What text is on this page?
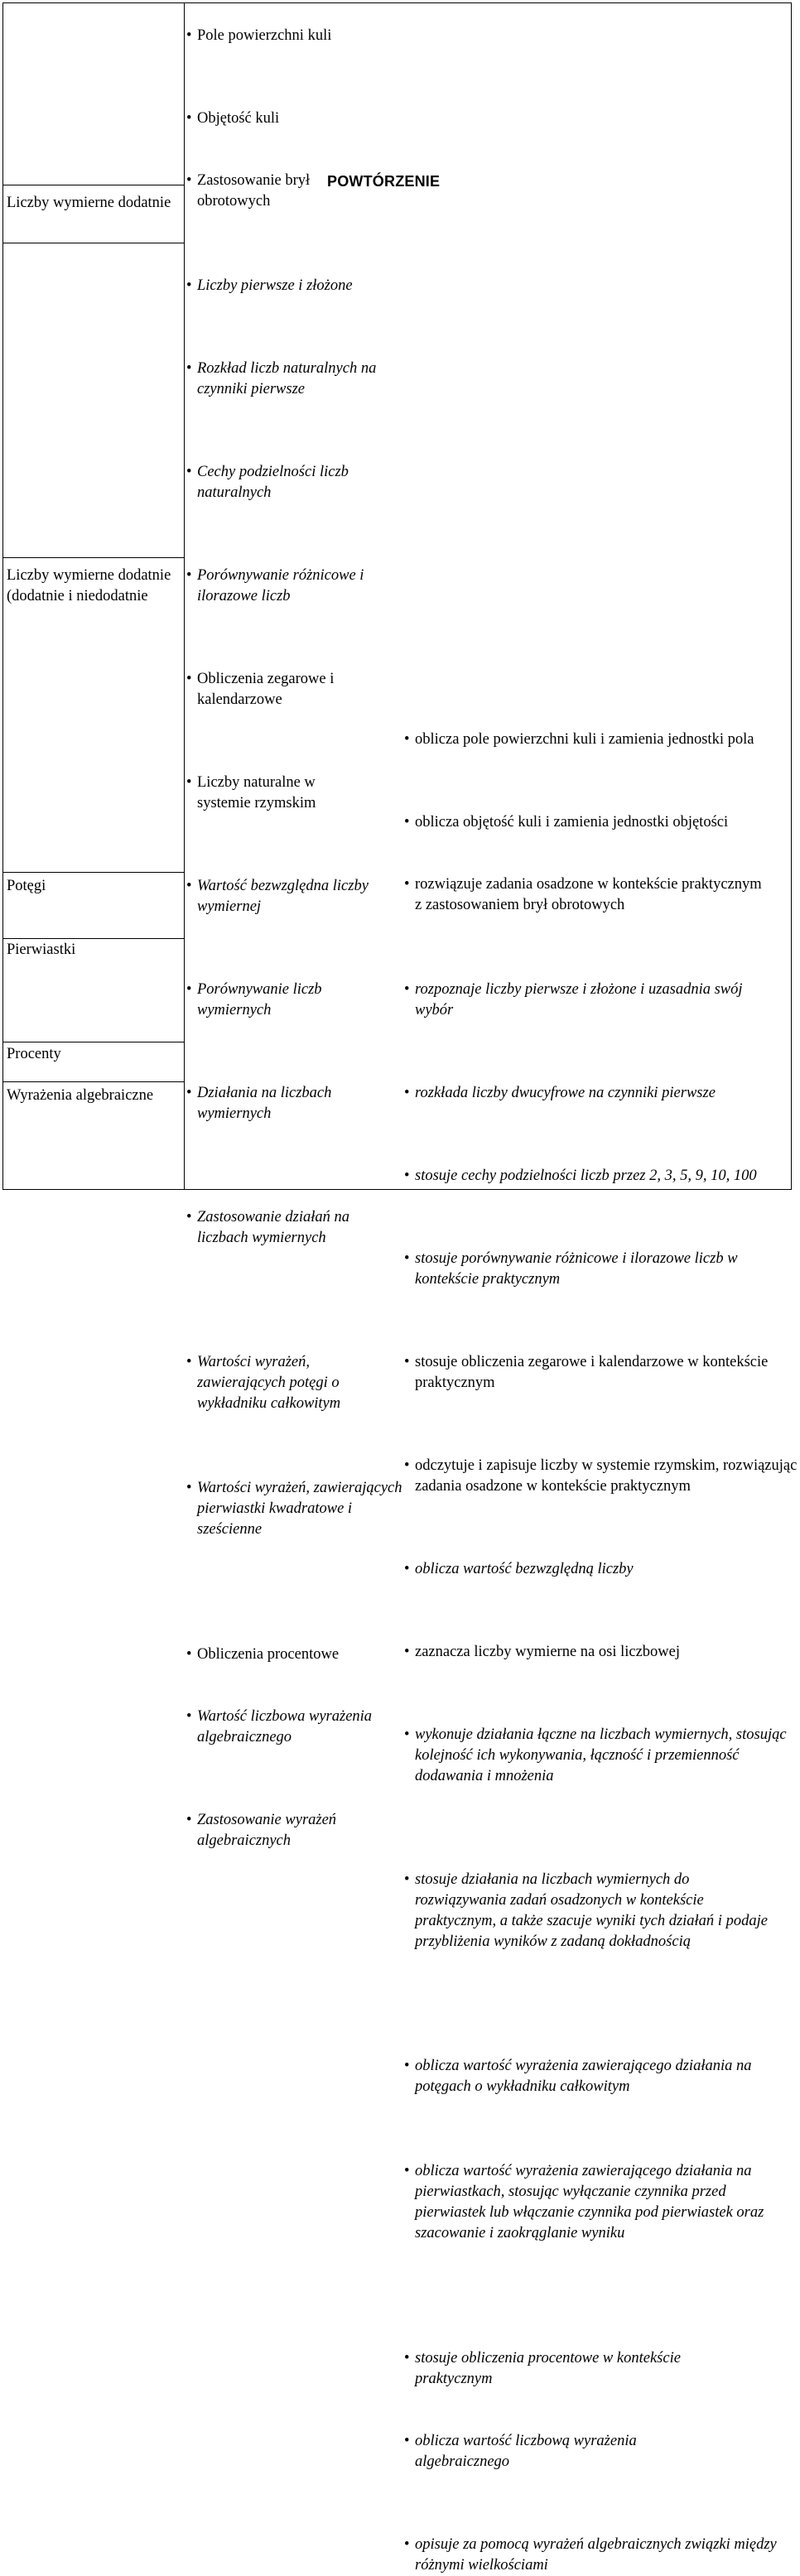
POWTÓRZENIE
Liczby wymierne dodatnie
Liczby wymierne dodatnie (dodatnie i niedodatnie
Potęgi
Pierwiastki
Procenty
Wyrażenia algebraiczne
• Pole powierzchni kuli
• Objętość kuli
• Zastosowanie brył obrotowych
• Liczby pierwsze i złożone
• Rozkład liczb naturalnych na czynniki pierwsze
• Cechy podzielności liczb naturalnych
• Porównywanie różnicowe i ilorazowe liczb
• Obliczenia zegarowe i kalendarzowe
• Liczby naturalne w systemie rzymskim
• Wartość bezwzględna liczby wymiernej
• Porównywanie liczb wymiernych
• Działania na liczbach wymiernych
• Zastosowanie działań na liczbach wymiernych
• Wartości wyrażeń, zawierających potęgi o wykładniku całkowitym
• Wartości wyrażeń, zawierających pierwiastki kwadratowe i sześcienne
• Obliczenia procentowe
• Wartość liczbowa wyrażenia algebraicznego
• Zastosowanie wyrażeń algebraicznych
• oblicza pole powierzchni kuli i zamienia jednostki pola
• oblicza objętość kuli i zamienia jednostki objętości
• rozwiązuje zadania osadzone w kontekście praktycznym z zastosowaniem brył obrotowych
• rozpoznaje liczby pierwsze i złożone i uzasadnia swój wybór
• rozkłada liczby dwucyfrowe na czynniki pierwsze
• stosuje cechy podzielności liczb przez 2, 3, 5, 9, 10, 100
• stosuje porównywanie różnicowe i ilorazowe liczb w kontekście praktycznym
• stosuje obliczenia zegarowe i kalendarzowe w kontekście praktycznym
• odczytuje i zapisuje liczby w systemie rzymskim, rozwiązując zadania osadzone w kontekście praktycznym
• oblicza wartość bezwzględną liczby
• zaznacza liczby wymierne na osi liczbowej
• wykonuje działania łączne na liczbach wymiernych, stosując kolejność ich wykonywania, łączność i przemienność dodawania i mnożenia
• stosuje działania na liczbach wymiernych do rozwiązywania zadań osadzonych w kontekście praktycznym, a także szacuje wyniki tych działań i podaje przybliżenia wyników z zadaną dokładnością
• oblicza wartość wyrażenia zawierającego działania na potęgach o wykładniku całkowitym
• oblicza wartość wyrażenia zawierającego działania na pierwiastkach, stosując wyłączanie czynnika przed pierwiastek lub włączanie czynnika pod pierwiastek oraz szacowanie i zaokrąglanie wyniku
• stosuje obliczenia procentowe w kontekście praktycznym
• oblicza wartość liczbową wyrażenia algebraicznego
• opisuje za pomocą wyrażeń algebraicznych związki między różnymi wielkościami
